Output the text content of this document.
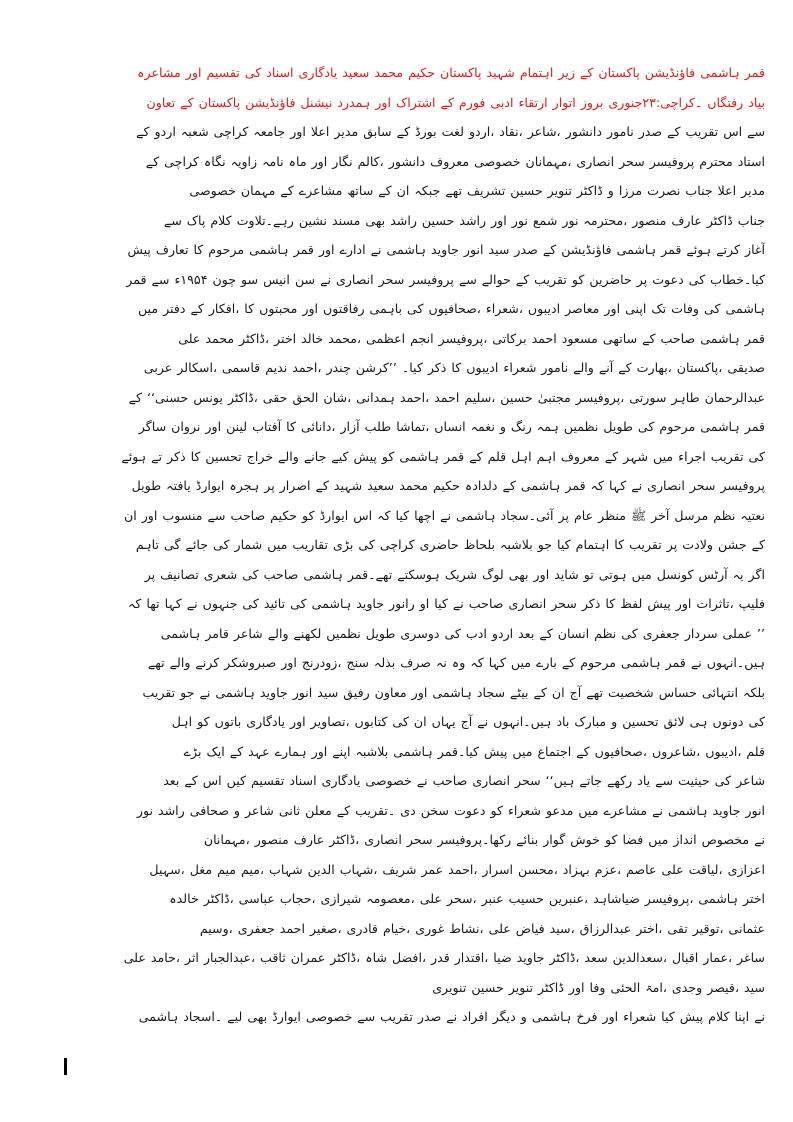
قمر ہاشمی فاؤنڈیشن پاکستان کے زیر اہتمام شہید پاکستان حکیم محمد سعید یادگاری اسناد کی تقسیم اور مشاعرہ
بیاد رفتگاں ۔کراچی:۲۳جنوری بروز اتوار ارتقاء ادبی فورم کے اشتراک اور ہمدرد نیشنل فاؤنڈیشن پاکستان کے تعاون
سے اس تقریب کے صدر نامور دانشور ،شاعر ،نقاد ،اردو لغت بورڈ کے سابق مدیر اعلا اور جامعہ کراچی شعبہ اردو کے
استاد محترم پروفیسر سحر انصاری ،مہمانان خصوصی معروف دانشور ،کالم نگار اور ماہ نامہ زاویہ نگاہ کراچی کے
مدیر اعلا جناب نصرت مرزا و ڈاکٹر تنویر حسین تشریف تھے جبکہ ان کے ساتھ مشاعرے کے مہمان خصوصی
جناب ڈاکٹر عارف منصور ،محترمہ نور شمع نور اور راشد حسین راشد بھی مسند نشین رہے۔تلاوت کلام پاک سے
آغاز کرتے ہوئے قمر ہاشمی فاؤنڈیشن کے صدر سید انور جاوید ہاشمی نے ادارے اور قمر ہاشمی مرحوم کا تعارف پیش
کیا۔خطاب کی دعوت پر حاضرین کو تقریب کے حوالے سے پروفیسر سحر انصاری نے سن انیس سو چون ۱۹۵۴ء سے قمر
ہاشمی کی وفات تک اپنی اور معاصر ادیبوں ،شعراء ،صحافیوں کی باہمی رفاقتوں اور محبتوں کا ،افکار کے دفتر میں
قمر ہاشمی صاحب کے ساتھی مسعود احمد برکاتی ،پروفیسر انجم اعظمی ،محمد خالد اختر ،ڈاکٹر محمد علی
صدیقی ،پاکستان ،بھارت کے آنے والے نامور شعراء ادیبوں کا ذکر کیا۔ ’’کرشن چندر ،احمد ندیم قاسمی ،اسکالر عربی
عبدالرحمان طاہر سورتی ،پروفیسر مجتبیٰ حسین ،سلیم احمد ،احمد ہمدانی ،شان الحق حقی ،ڈاکٹر یونس حسنی‘‘ کے
قمر ہاشمی مرحوم کی طویل نظمیں ہمہ رنگ و نغمہ انساں ،تماشا طلب آزار ،دانائی کا آفتاب لینن اور نروان ساگر
کی تقریب اجراء میں شہر کے معروف اہم اہل قلم کے قمر ہاشمی کو پیش کیے جانے والے خراج تحسین کا ذکر تے ہوئے
پروفیسر سحر انصاری نے کہا کہ قمر ہاشمی کے دلدادہ حکیم محمد سعید شہید کے اصرار پر ہجرہ ایوارڈ یافتہ طویل
نعتیہ نظم مرسل آخر ﷺ منظر عام پر آئی۔سجاد ہاشمی نے اچھا کیا کہ اس ایوارڈ کو حکیم صاحب سے منسوب اور ان
کے جشن ولادت پر تقریب کا اہتمام کیا جو بلاشبہ بلحاظ حاضری کراچی کی بڑی تقاریب میں شمار کی جائے گی تاہم
اگر یہ آرٹس کونسل میں ہوتی تو شاید اور بھی لوگ شریک ہوسکتے تھے۔قمر ہاشمی صاحب کی شعری تصانیف پر
فلیپ ،تاثرات اور پیش لفظ کا ذکر سحر انصاری صاحب نے کیا او رانور جاوید ہاشمی کی تائید کی جنہوں نے کہا تھا کہ
’’ عملی سردار جعفری کی نظم انسان کے بعد اردو ادب کی دوسری طویل نظمیں لکھنے والے شاعر قامر ہاشمی
ہیں۔انہوں نے قمر ہاشمی مرحوم کے بارے میں کہا کہ وہ نہ صرف بذلہ سنج ،زودرنج اور صبروشکر کرنے والے تھے
بلکہ انتہائی حساس شخصیت تھے آج ان کے بیٹے سجاد ہاشمی اور معاون رفیق سید انور جاوید ہاشمی نے جو تقریب
کی دونوں ہی لائق تحسین و مبارک باد ہیں۔انہوں نے آج یہاں ان کی کتابوں ،تصاویر اور یادگاری باتوں کو اہل
قلم ،ادیبوں ،شاعروں ،صحافیوں کے اجتماع میں پیش کیا۔قمر ہاشمی بلاشبہ اپنے اور ہمارے عہد کے ایک بڑے
شاعر کی حیثیت سے یاد رکھے جاتے ہیں‘‘ سحر انصاری صاحب نے خصوصی یادگاری اسناد تقسیم کیں اس کے بعد
انور جاوید ہاشمی نے مشاعرے میں مدعو شعراء کو دعوت سخن دی ۔تقریب کے معلن ثانی شاعر و صحافی راشد نور
نے مخصوص انداز میں فضا کو خوش گوار بنائے رکھا۔پروفیسر سحر انصاری ،ڈاکٹر عارف منصور ،مہمانان
اعزازی ،لیاقت علی عاصم ،عزم بہزاد ،محسن اسرار ،احمد عمر شریف ،شہاب الدین شہاب ،میم میم مغل ،سہیل
اختر ہاشمی ،پروفیسر ضیاشاہد ،عنبریں حسیب عنبر ،سحر علی ،معصومہ شیرازی ،حجاب عباسی ،ڈاکٹر خالدہ
عثمانی ،توقیر تقی ،اختر عبدالرزاق ،سید فیاض علی ،نشاط غوری ،خیام قادری ،صغیر احمد جعفری ،وسیم
ساغر ،عمار اقبال ،سعدالدین سعد ،ڈاکٹر جاوید ضیا ،اقتدار قدر ،افضل شاہ ،ڈاکٹر عمران ثاقب ،عبدالجبار اثر ،حامد علی
سید ،قیصر وجدی ،امۃ الحئی وفا اور ڈاکٹر تنویر حسین تنویری
نے اپنا کلام پیش کیا شعراء اور فرخ ہاشمی و دیگر افراد نے صدر تقریب سے خصوصی ایوارڈ بھی لیے ۔اسجاد ہاشمی
